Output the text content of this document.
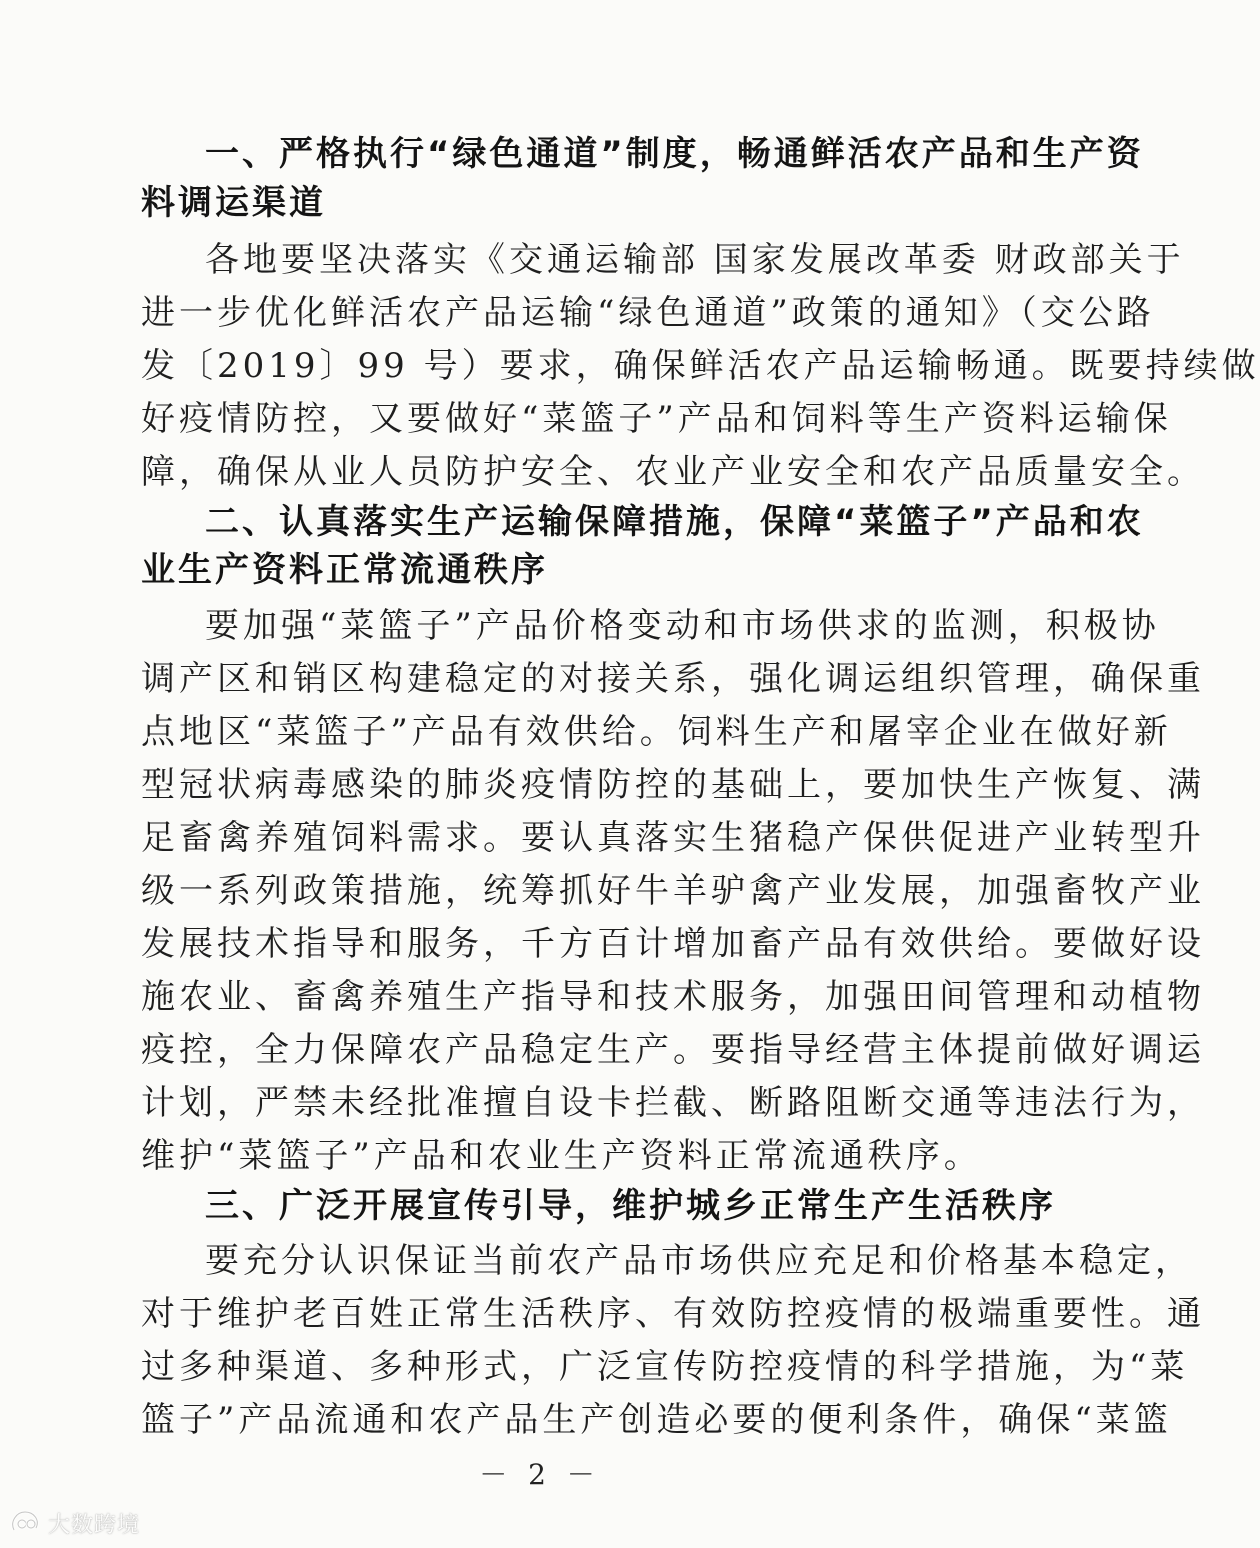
一、严格执行“绿色通道”制度，畅通鲜活农产品和生产资
料调运渠道
各地要坚决落实《交通运输部 国家发展改革委 财政部关于
进一步优化鲜活农产品运输“绿色通道”政策的通知》（交公路
发〔2019〕99 号）要求，确保鲜活农产品运输畅通。既要持续做
好疫情防控，又要做好“菜篮子”产品和饲料等生产资料运输保
障，确保从业人员防护安全、农业产业安全和农产品质量安全。
二、认真落实生产运输保障措施，保障“菜篮子”产品和农
业生产资料正常流通秩序
要加强“菜篮子”产品价格变动和市场供求的监测，积极协
调产区和销区构建稳定的对接关系，强化调运组织管理，确保重
点地区“菜篮子”产品有效供给。饲料生产和屠宰企业在做好新
型冠状病毒感染的肺炎疫情防控的基础上，要加快生产恢复、满
足畜禽养殖饲料需求。要认真落实生猪稳产保供促进产业转型升
级一系列政策措施，统筹抓好牛羊驴禽产业发展，加强畜牧产业
发展技术指导和服务，千方百计增加畜产品有效供给。要做好设
施农业、畜禽养殖生产指导和技术服务，加强田间管理和动植物
疫控，全力保障农产品稳定生产。要指导经营主体提前做好调运
计划，严禁未经批准擅自设卡拦截、断路阻断交通等违法行为，
维护“菜篮子”产品和农业生产资料正常流通秩序。
三、广泛开展宣传引导，维护城乡正常生产生活秩序
要充分认识保证当前农产品市场供应充足和价格基本稳定，
对于维护老百姓正常生活秩序、有效防控疫情的极端重要性。通
过多种渠道、多种形式，广泛宣传防控疫情的科学措施，为“菜
篮子”产品流通和农产品生产创造必要的便利条件，确保“菜篮
－ 2 －
大数跨境
